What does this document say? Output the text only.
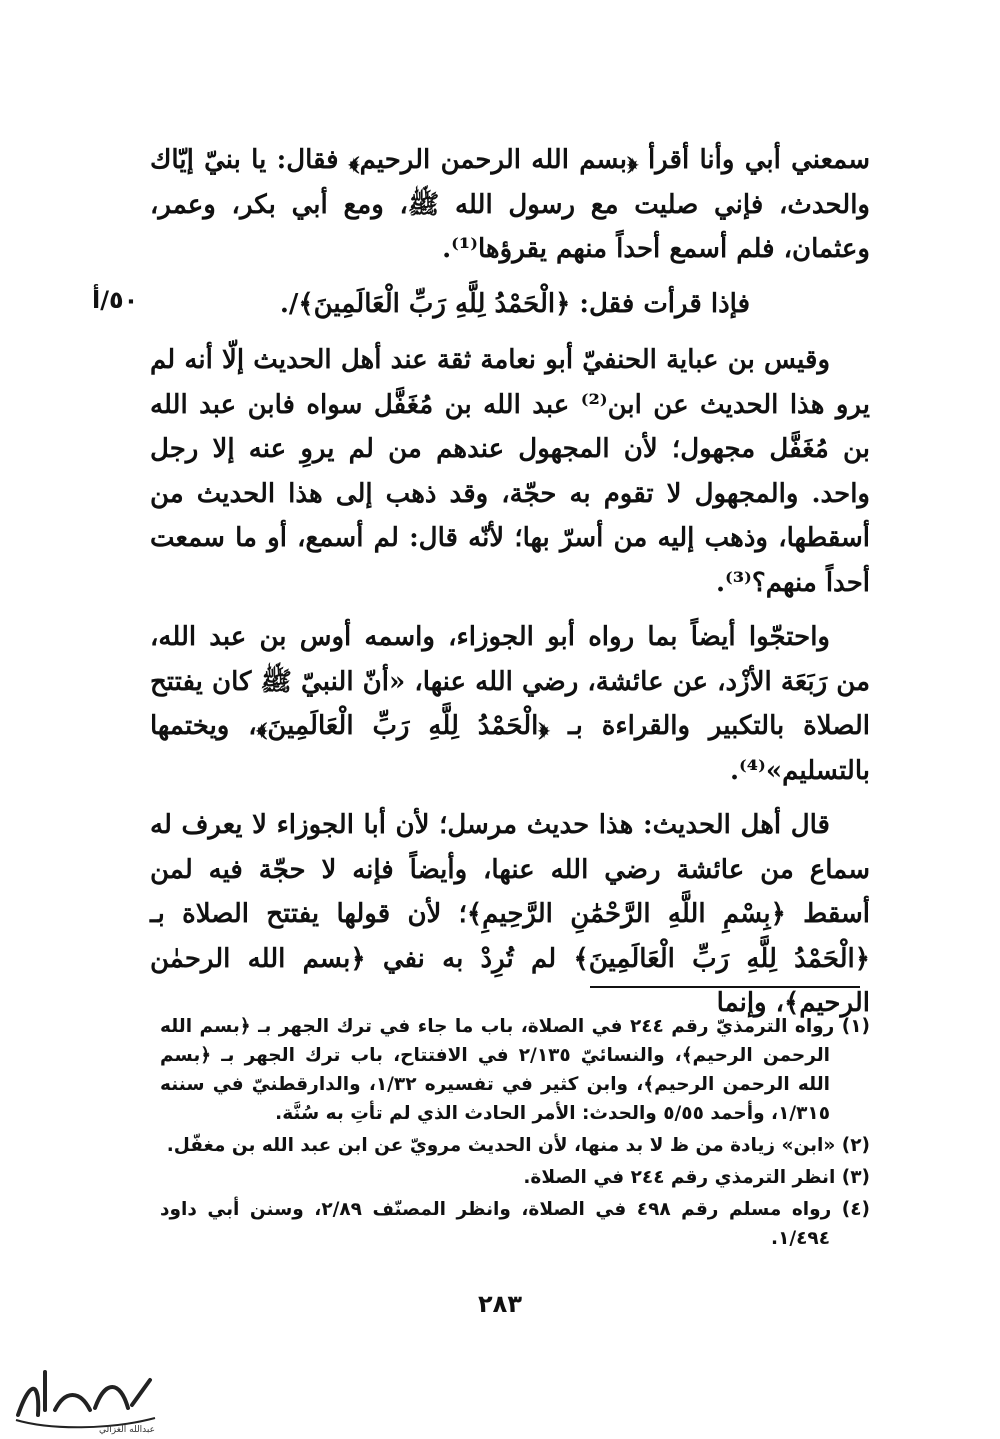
٥٠/أ

سمعني أبي وأنا أقرأ ﴿بسم الله الرحمن الرحيم﴾ فقال: يا بنيّ إيّاك والحدث، فإني صليت مع رسول الله ﷺ، ومع أبي بكر، وعمر، وعثمان، فلم أسمع أحداً منهم يقرؤها⁽¹⁾.

فإذا قرأت فقل: ﴿الْحَمْدُ لِلَّهِ رَبِّ الْعَالَمِينَ﴾/.

وقيس بن عباية الحنفيّ أبو نعامة ثقة عند أهل الحديث إلّا أنه لم يرو هذا الحديث عن ابن⁽²⁾ عبد الله بن مُغَفَّل سواه فابن عبد الله بن مُغَفَّل مجهول؛ لأن المجهول عندهم من لم يروِ عنه إلا رجل واحد. والمجهول لا تقوم به حجّة، وقد ذهب إلى هذا الحديث من أسقطها، وذهب إليه من أسرّ بها؛ لأنّه قال: لم أسمع، أو ما سمعت أحداً منهم؟⁽³⁾.

واحتجّوا أيضاً بما رواه أبو الجوزاء، واسمه أوس بن عبد الله، من رَبَعَة الأزْد، عن عائشة، رضي الله عنها، «أنّ النبيّ ﷺ كان يفتتح الصلاة بالتكبير والقراءة بـ ﴿الْحَمْدُ لِلَّهِ رَبِّ الْعَالَمِينَ﴾، ويختمها بالتسليم»⁽⁴⁾.

قال أهل الحديث: هذا حديث مرسل؛ لأن أبا الجوزاء لا يعرف له سماع من عائشة رضي الله عنها، وأيضاً فإنه لا حجّة فيه لمن أسقط ﴿بِسْمِ اللَّهِ الرَّحْمَٰنِ الرَّحِيمِ﴾؛ لأن قولها يفتتح الصلاة بـ ﴿الْحَمْدُ لِلَّهِ رَبِّ الْعَالَمِينَ﴾ لم تُرِدْ به نفي ﴿بسم الله الرحمٰن الرحيم﴾، وإنما

(١) رواه الترمذيّ رقم ٢٤٤ في الصلاة، باب ما جاء في ترك الجهر بـ ﴿بسم الله الرحمن الرحيم﴾، والنسائيّ ٢/١٣٥ في الافتتاح، باب ترك الجهر بـ ﴿بسم الله الرحمن الرحيم﴾، وابن كثير في تفسيره ١/٣٢، والدارقطنيّ في سننه ١/٣١٥، وأحمد ٥/٥٥ والحدث: الأمر الحادث الذي لم تأتِ به سُنَّة.

(٢) «ابن» زيادة من ظ لا بد منها، لأن الحديث مرويّ عن ابن عبد الله بن مغفّل.

(٣) انظر الترمذي رقم ٢٤٤ في الصلاة.

(٤) رواه مسلم رقم ٤٩٨ في الصلاة، وانظر المصنّف ٢/٨٩، وسنن أبي داود ١/٤٩٤.

٢٨٣
عبدالله الغزالي
